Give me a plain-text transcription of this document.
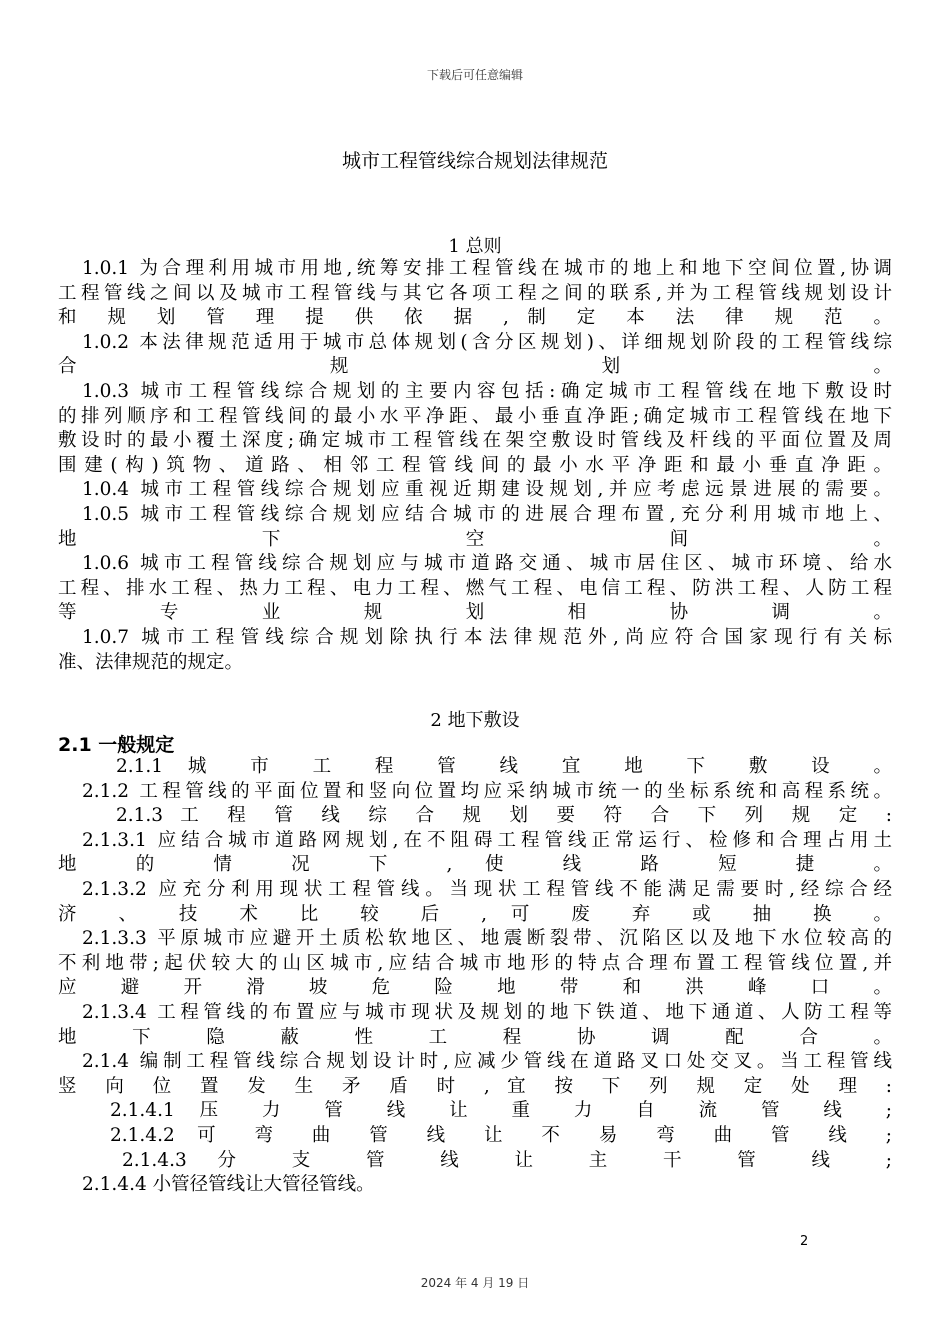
下载后可任意编辑
城市工程管线综合规划法律规范
1 总则
1.0.1 为合理利用城市用地,统筹安排工程管线在城市的地上和地下空间位置,协调
工程管线之间以及城市工程管线与其它各项工程之间的联系,并为工程管线规划设计
和 规 划 管 理 提 供 依 据 , 制 定 本 法 律 规 范 。
1.0.2 本法律规范适用于城市总体规划(含分区规划)、详细规划阶段的工程管线综
合 规 划 。
1.0.3 城市工程管线综合规划的主要内容包括:确定城市工程管线在地下敷设时
的排列顺序和工程管线间的最小水平净距、最小垂直净距;确定城市工程管线在地下
敷设时的最小覆土深度;确定城市工程管线在架空敷设时管线及杆线的平面位置及周
围建(构)筑物、道路、相邻工程管线间的最小水平净距和最小垂直净距。
1.0.4 城市工程管线综合规划应重视近期建设规划,并应考虑远景进展的需要。
1.0.5 城市工程管线综合规划应结合城市的进展合理布置,充分利用城市地上、
地 下 空 间 。
1.0.6 城市工程管线综合规划应与城市道路交通、城市居住区、城市环境、给水
工程、排水工程、热力工程、电力工程、燃气工程、电信工程、防洪工程、人防工程
等 专 业 规 划 相 协 调 。
1.0.7 城市工程管线综合规划除执行本法律规范外,尚应符合国家现行有关标
准、法律规范的规定。
2 地下敷设
2.1 一般规定
2.1.1 城 市 工 程 管 线 宜 地 下 敷 设 。
2.1.2 工程管线的平面位置和竖向位置均应采纳城市统一的坐标系统和高程系统。
2.1.3 工 程 管 线 综 合 规 划 要 符 合 下 列 规 定 :
2.1.3.1 应结合城市道路网规划,在不阻碍工程管线正常运行、检修和合理占用土
地 的 情 况 下 , 使 线 路 短 捷 。
2.1.3.2 应充分利用现状工程管线。当现状工程管线不能满足需要时,经综合经
济 、 技 术 比 较 后 , 可 废 弃 或 抽 换 。
2.1.3.3 平原城市应避开土质松软地区、地震断裂带、沉陷区以及地下水位较高的
不利地带;起伏较大的山区城市,应结合城市地形的特点合理布置工程管线位置,并
应 避 开 滑 坡 危 险 地 带 和 洪 峰 口 。
2.1.3.4 工程管线的布置应与城市现状及规划的地下铁道、地下通道、人防工程等
地 下 隐 蔽 性 工 程 协 调 配 合 。
2.1.4 编制工程管线综合规划设计时,应减少管线在道路叉口处交叉。当工程管线
竖 向 位 置 发 生 矛 盾 时 , 宜 按 下 列 规 定 处 理 :
2.1.4.1 压 力 管 线 让 重 力 自 流 管 线 ;
2.1.4.2 可 弯 曲 管 线 让 不 易 弯 曲 管 线 ;
2.1.4.3 分 支 管 线 让 主 干 管 线 ;
2.1.4.4 小管径管线让大管径管线。
2
2024 年 4 月 19 日
